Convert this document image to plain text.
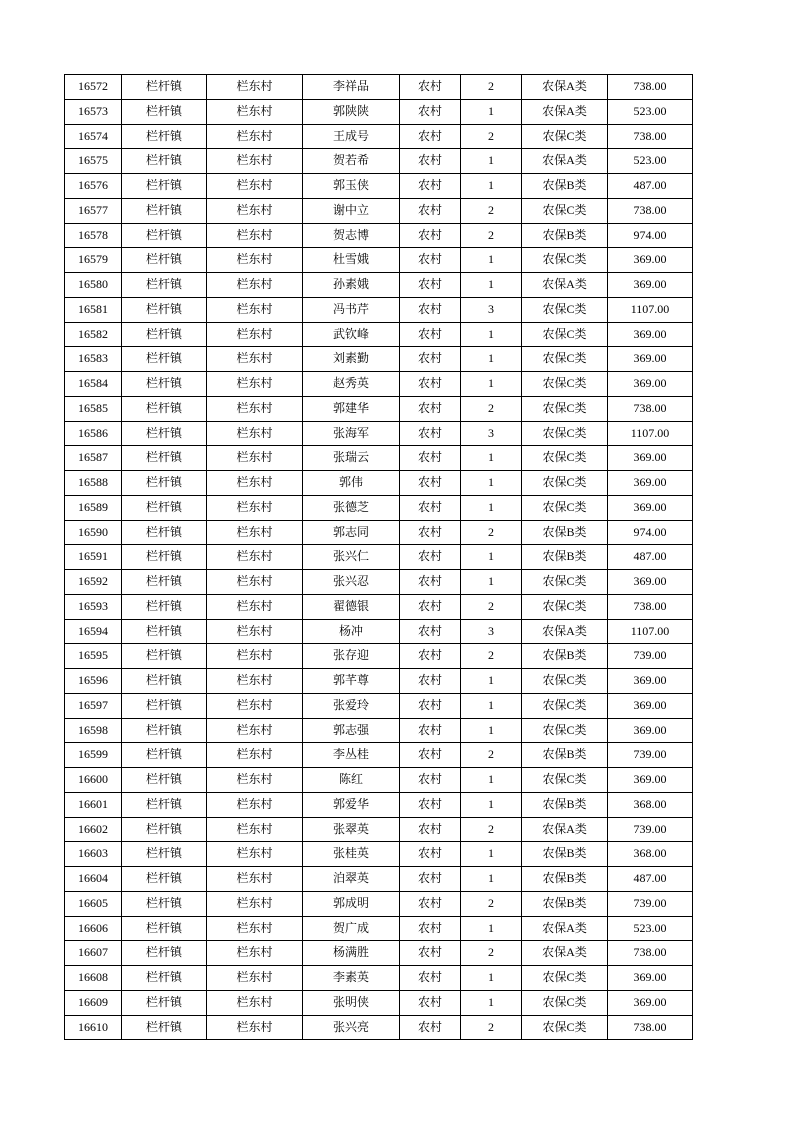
16572	栏杆镇	栏东村	李祥品	农村	2	农保A类	738.00
16573	栏杆镇	栏东村	郭陕陕	农村	1	农保A类	523.00
16574	栏杆镇	栏东村	王成号	农村	2	农保C类	738.00
16575	栏杆镇	栏东村	贺若希	农村	1	农保A类	523.00
16576	栏杆镇	栏东村	郭玉侠	农村	1	农保B类	487.00
16577	栏杆镇	栏东村	谢中立	农村	2	农保C类	738.00
16578	栏杆镇	栏东村	贺志博	农村	2	农保B类	974.00
16579	栏杆镇	栏东村	杜雪娥	农村	1	农保C类	369.00
16580	栏杆镇	栏东村	孙素娥	农村	1	农保A类	369.00
16581	栏杆镇	栏东村	冯书芹	农村	3	农保C类	1107.00
16582	栏杆镇	栏东村	武钦峰	农村	1	农保C类	369.00
16583	栏杆镇	栏东村	刘素勤	农村	1	农保C类	369.00
16584	栏杆镇	栏东村	赵秀英	农村	1	农保C类	369.00
16585	栏杆镇	栏东村	郭建华	农村	2	农保C类	738.00
16586	栏杆镇	栏东村	张海军	农村	3	农保C类	1107.00
16587	栏杆镇	栏东村	张瑞云	农村	1	农保C类	369.00
16588	栏杆镇	栏东村	郭伟	农村	1	农保C类	369.00
16589	栏杆镇	栏东村	张德芝	农村	1	农保C类	369.00
16590	栏杆镇	栏东村	郭志同	农村	2	农保B类	974.00
16591	栏杆镇	栏东村	张兴仁	农村	1	农保B类	487.00
16592	栏杆镇	栏东村	张兴忍	农村	1	农保C类	369.00
16593	栏杆镇	栏东村	翟德银	农村	2	农保C类	738.00
16594	栏杆镇	栏东村	杨冲	农村	3	农保A类	1107.00
16595	栏杆镇	栏东村	张存迎	农村	2	农保B类	739.00
16596	栏杆镇	栏东村	郭芊尊	农村	1	农保C类	369.00
16597	栏杆镇	栏东村	张爱玲	农村	1	农保C类	369.00
16598	栏杆镇	栏东村	郭志强	农村	1	农保C类	369.00
16599	栏杆镇	栏东村	李丛桂	农村	2	农保B类	739.00
16600	栏杆镇	栏东村	陈红	农村	1	农保C类	369.00
16601	栏杆镇	栏东村	郭爱华	农村	1	农保B类	368.00
16602	栏杆镇	栏东村	张翠英	农村	2	农保A类	739.00
16603	栏杆镇	栏东村	张桂英	农村	1	农保B类	368.00
16604	栏杆镇	栏东村	泊翠英	农村	1	农保B类	487.00
16605	栏杆镇	栏东村	郭成明	农村	2	农保B类	739.00
16606	栏杆镇	栏东村	贺广成	农村	1	农保A类	523.00
16607	栏杆镇	栏东村	杨满胜	农村	2	农保A类	738.00
16608	栏杆镇	栏东村	李素英	农村	1	农保C类	369.00
16609	栏杆镇	栏东村	张明侠	农村	1	农保C类	369.00
16610	栏杆镇	栏东村	张兴亮	农村	2	农保C类	738.00
